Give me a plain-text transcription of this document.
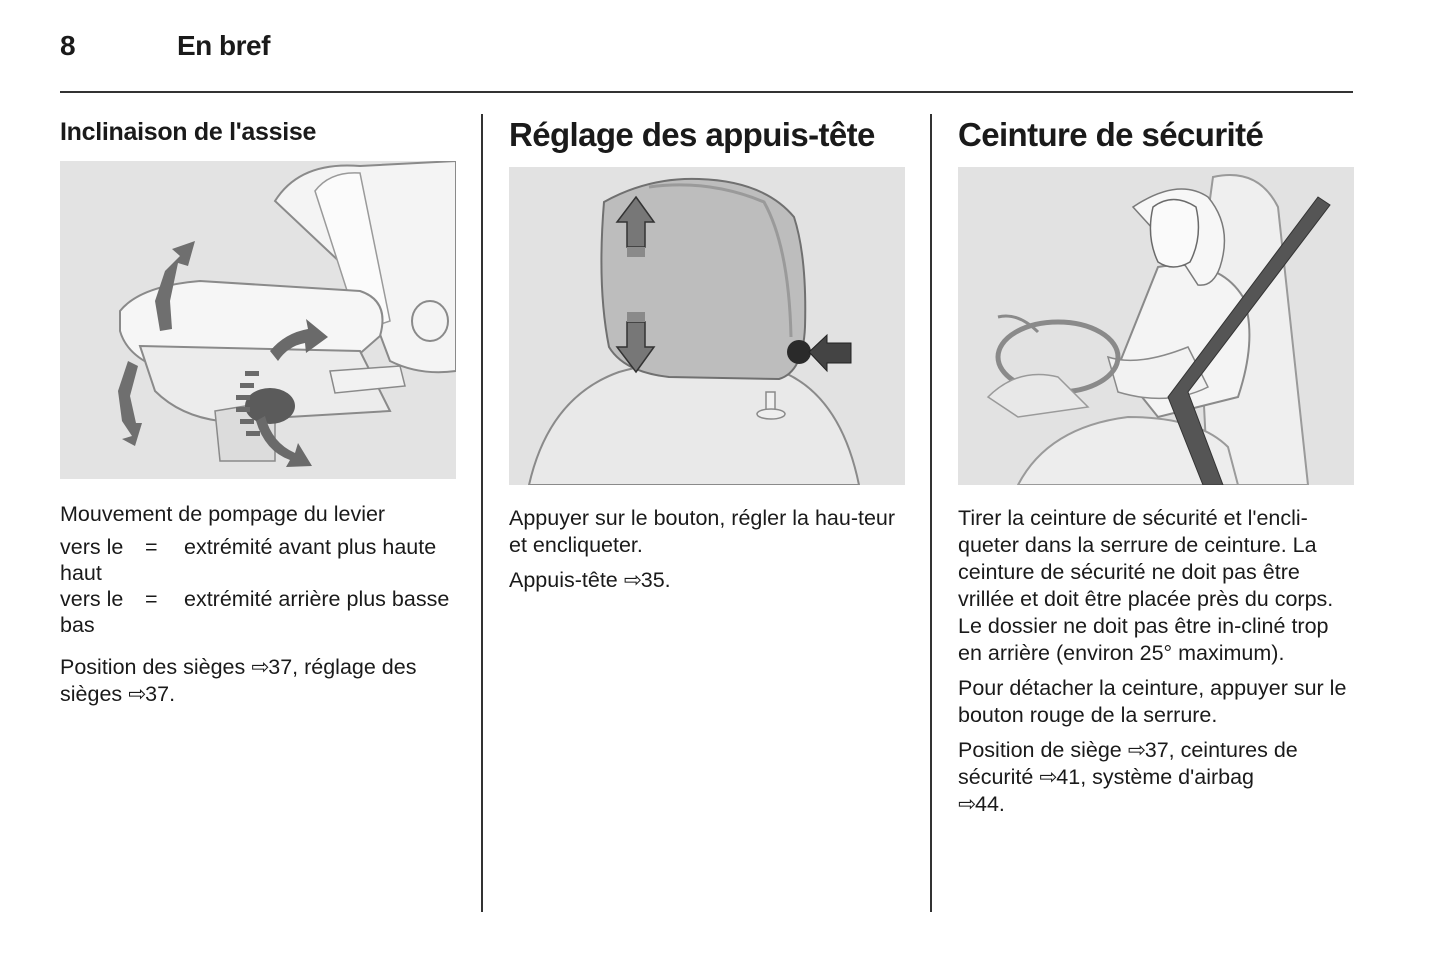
8	En bref
Inclinaison de l'assise

Mouvement de pompage du levier

vers le haut	=	extrémité avant plus haute
vers le bas	=	extrémité arrière plus basse

Position des sièges ⇨37, réglage des sièges ⇨37.

Réglage des appuis-tête

Appuyer sur le bouton, régler la hau-teur et encliqueter.

Appuis-tête ⇨35.

Ceinture de sécurité

Tirer la ceinture de sécurité et l'encli-queter dans la serrure de ceinture. La ceinture de sécurité ne doit pas être vrillée et doit être placée près du corps. Le dossier ne doit pas être in-cliné trop en arrière (environ 25° maximum).

Pour détacher la ceinture, appuyer sur le bouton rouge de la serrure.

Position de siège ⇨37, ceintures de sécurité ⇨41, système d'airbag
⇨44.
